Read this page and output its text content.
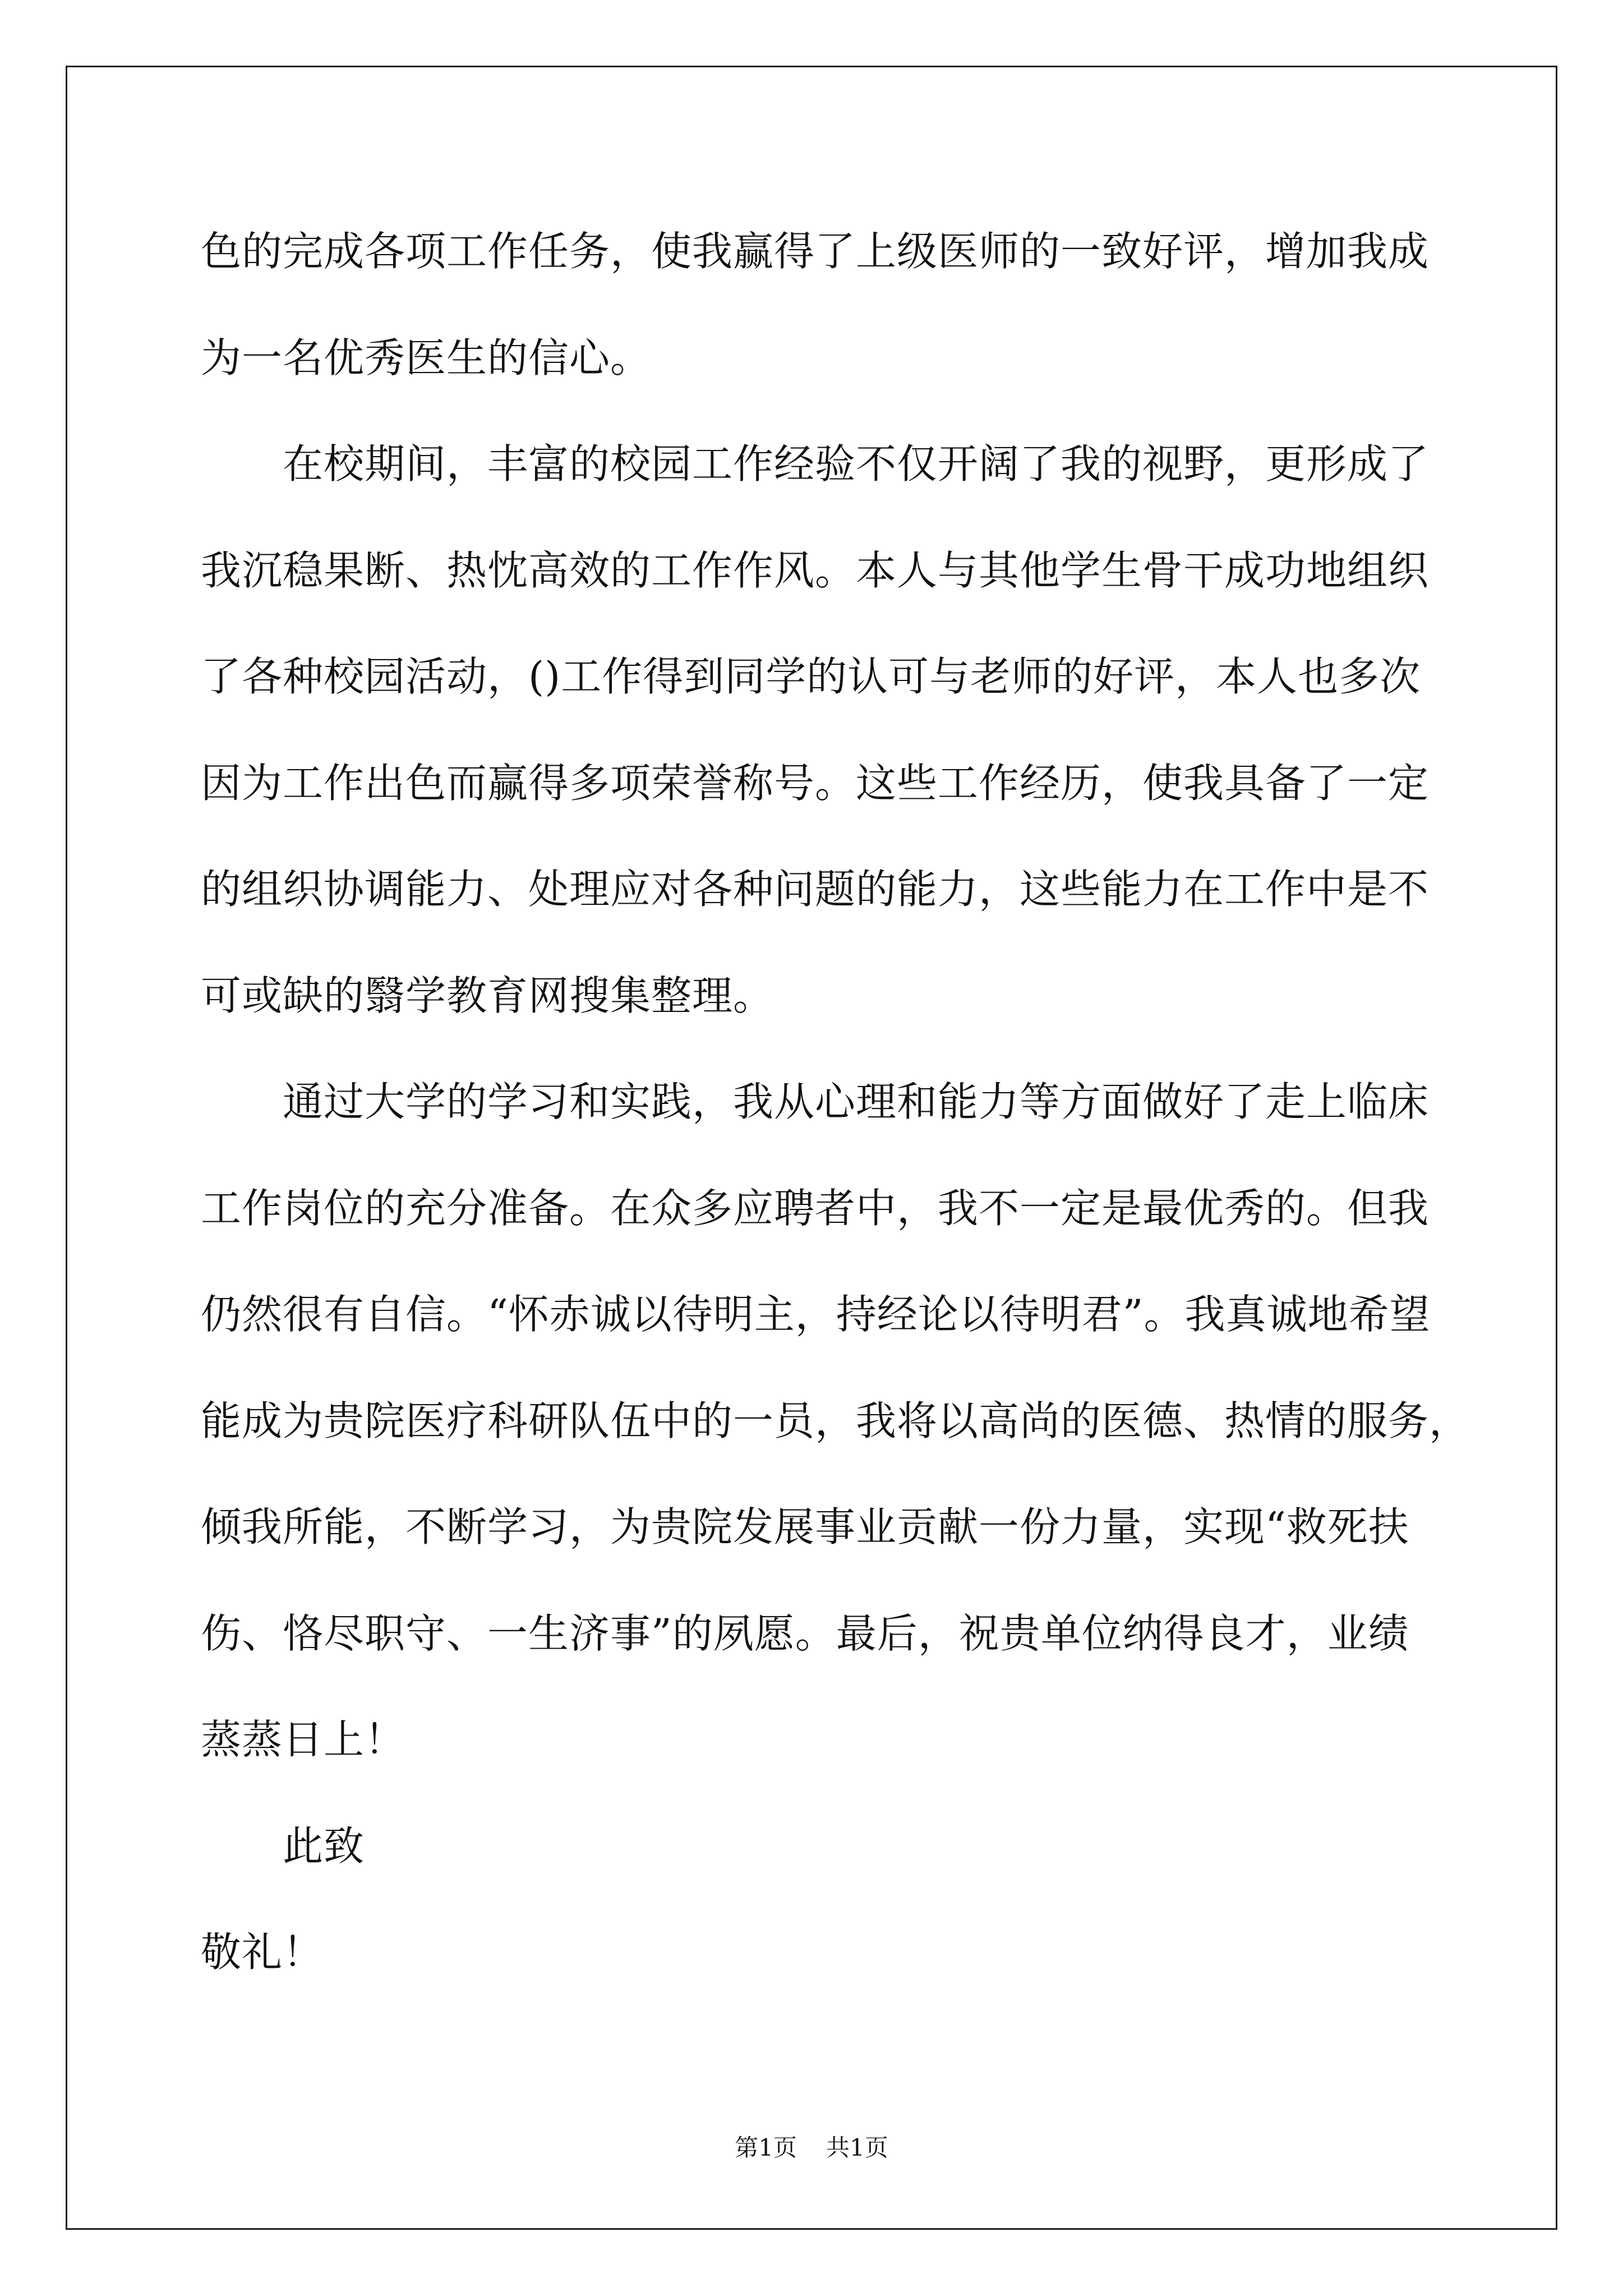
色的完成各项工作任务，使我赢得了上级医师的一致好评，增加我成
为一名优秀医生的信心。
在校期间，丰富的校园工作经验不仅开阔了我的视野，更形成了
我沉稳果断、热忱高效的工作作风。本人与其他学生骨干成功地组织
了各种校园活动，()工作得到同学的认可与老师的好评，本人也多次
因为工作出色而赢得多项荣誉称号。这些工作经历，使我具备了一定
的组织协调能力、处理应对各种问题的能力，这些能力在工作中是不
可或缺的翳学教育网搜集整理。
通过大学的学习和实践，我从心理和能力等方面做好了走上临床
工作岗位的充分准备。在众多应聘者中，我不一定是最优秀的。但我
仍然很有自信。“怀赤诚以待明主，持经论以待明君”。我真诚地希望
能成为贵院医疗科研队伍中的一员，我将以高尚的医德、热情的服务，
倾我所能，不断学习，为贵院发展事业贡献一份力量，实现“救死扶
伤、恪尽职守、一生济事”的夙愿。最后，祝贵单位纳得良才，业绩
蒸蒸日上！
此致
敬礼！
第1页 共1页
